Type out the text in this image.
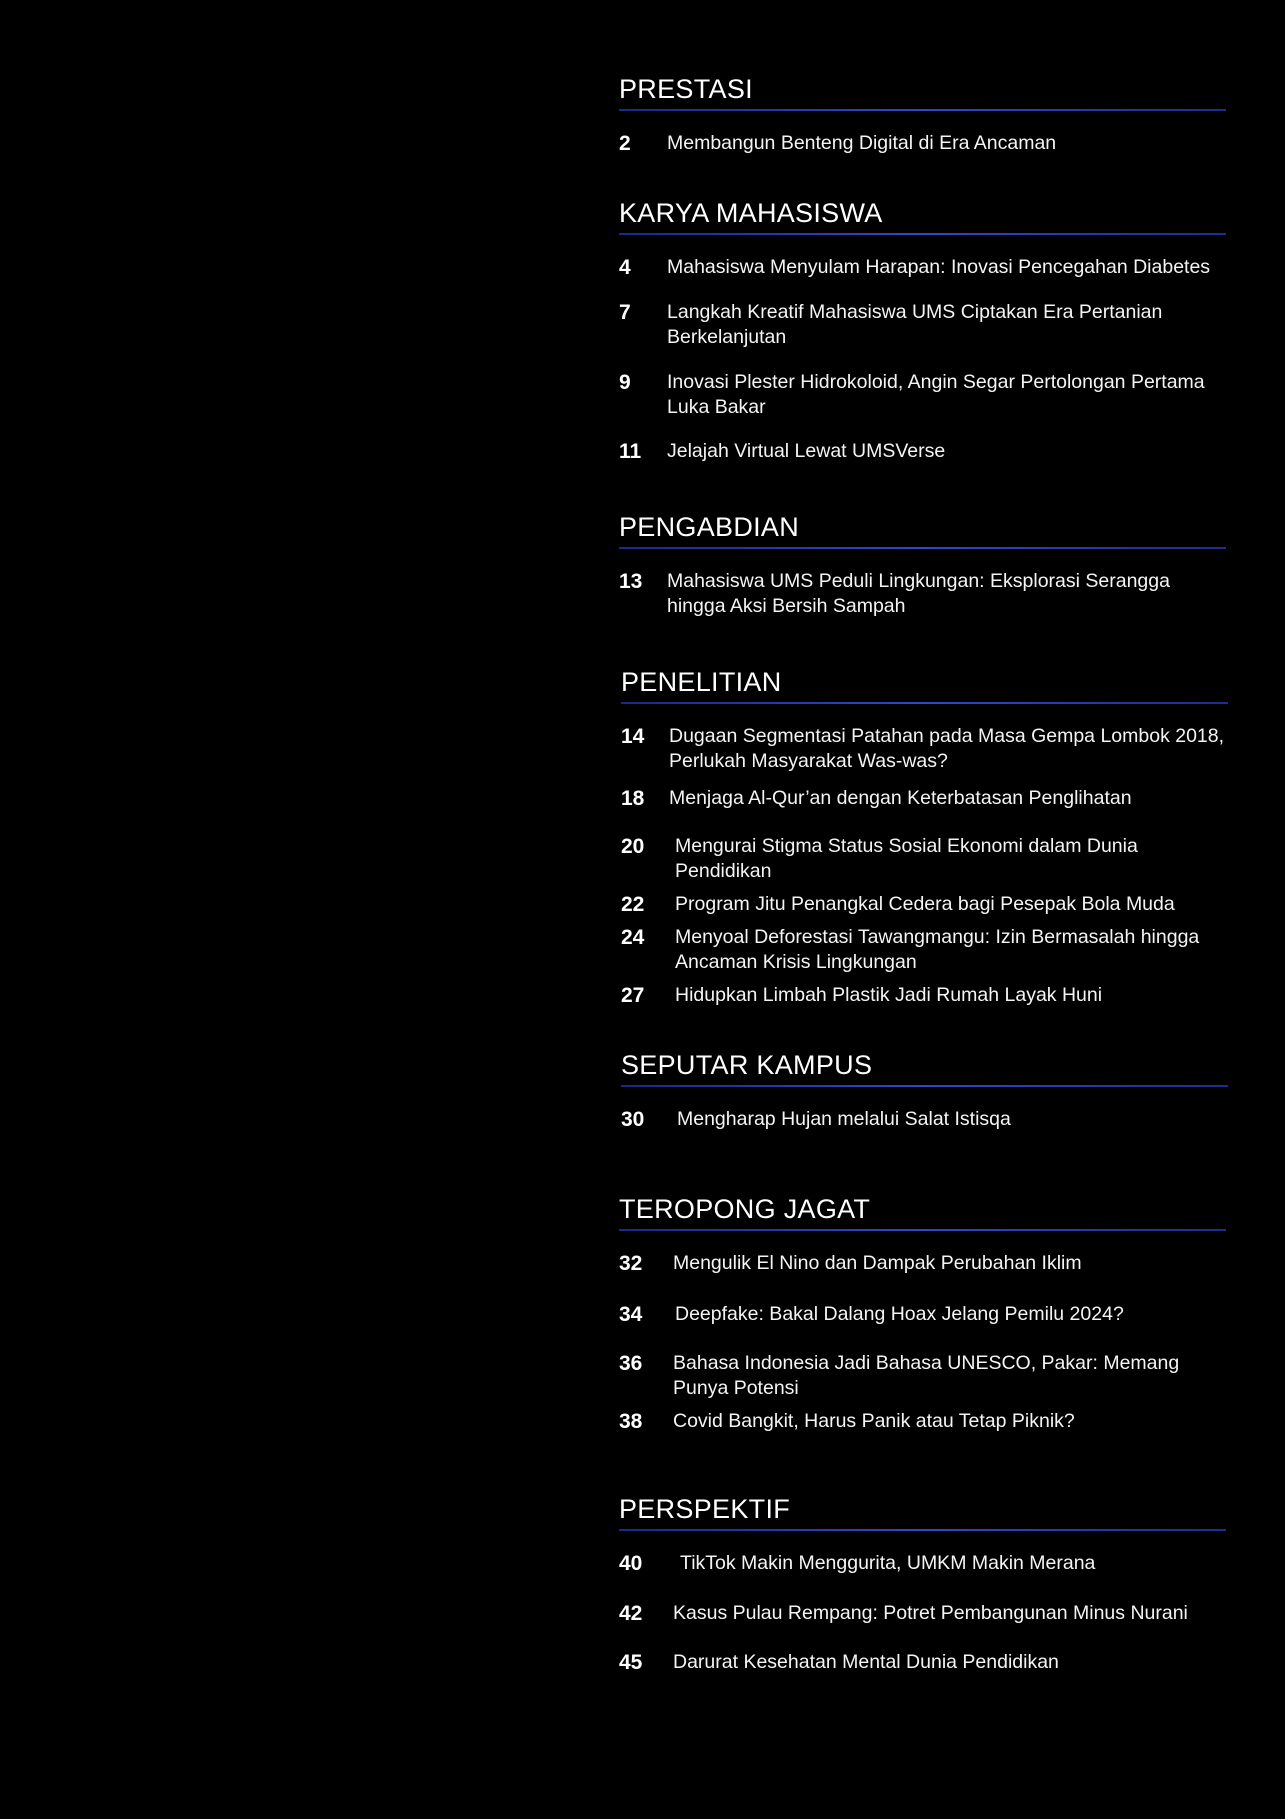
PRESTASI
2	Membangun Benteng Digital di Era Ancaman
KARYA MAHASISWA
4	Mahasiswa Menyulam Harapan: Inovasi Pencegahan Diabetes
7	Langkah Kreatif Mahasiswa UMS Ciptakan Era Pertanian Berkelanjutan
9	Inovasi Plester Hidrokoloid, Angin Segar Pertolongan Pertama Luka Bakar
11	Jelajah Virtual Lewat UMSVerse
PENGABDIAN
13	Mahasiswa UMS Peduli Lingkungan: Eksplorasi Serangga hingga Aksi Bersih Sampah
PENELITIAN
14	Dugaan Segmentasi Patahan pada Masa Gempa Lombok 2018, Perlukah Masyarakat Was-was?
18	Menjaga Al-Qur’an dengan Keterbatasan Penglihatan
20	Mengurai Stigma Status Sosial Ekonomi dalam Dunia Pendidikan
22	Program Jitu Penangkal Cedera bagi Pesepak Bola Muda
24	Menyoal Deforestasi Tawangmangu: Izin Bermasalah hingga Ancaman Krisis Lingkungan
27	Hidupkan Limbah Plastik Jadi Rumah Layak Huni
SEPUTAR KAMPUS
30	Mengharap Hujan melalui Salat Istisqa
TEROPONG JAGAT
32	Mengulik El Nino dan Dampak Perubahan Iklim
34	Deepfake: Bakal Dalang Hoax Jelang Pemilu 2024?
36	Bahasa Indonesia Jadi Bahasa UNESCO, Pakar: Memang Punya Potensi
38	Covid Bangkit, Harus Panik atau Tetap Piknik?
PERSPEKTIF
40	TikTok Makin Menggurita, UMKM Makin Merana
42	Kasus Pulau Rempang: Potret Pembangunan Minus Nurani
45	Darurat Kesehatan Mental Dunia Pendidikan
